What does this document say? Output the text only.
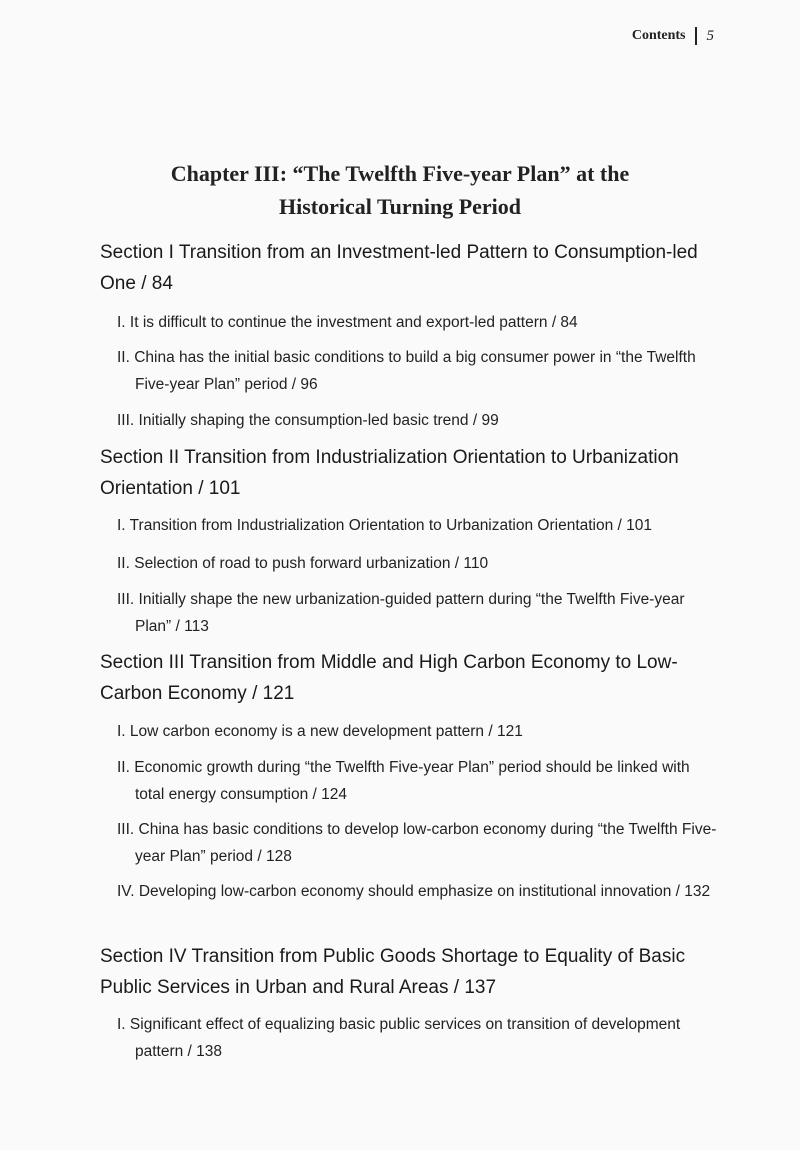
Contents 5
Chapter III: “The Twelfth Five-year Plan” at the
Historical Turning Period
Section I Transition from an Investment-led Pattern to Consumption-led One / 84
I. It is difficult to continue the investment and export-led pattern / 84
II. China has the initial basic conditions to build a big consumer power in “the Twelfth Five-year Plan” period / 96
III. Initially shaping the consumption-led basic trend / 99
Section II Transition from Industrialization Orientation to Urbanization Orientation / 101
I. Transition from Industrialization Orientation to Urbanization Orientation / 101
II. Selection of road to push forward urbanization / 110
III. Initially shape the new urbanization-guided pattern during “the Twelfth Five-year Plan” / 113
Section III Transition from Middle and High Carbon Economy to Low-Carbon Economy / 121
I. Low carbon economy is a new development pattern / 121
II. Economic growth during “the Twelfth Five-year Plan” period should be linked with total energy consumption / 124
III. China has basic conditions to develop low-carbon economy during “the Twelfth Five-year Plan” period / 128
IV. Developing low-carbon economy should emphasize on institutional innovation / 132
Section IV Transition from Public Goods Shortage to Equality of Basic Public Services in Urban and Rural Areas / 137
I. Significant effect of equalizing basic public services on transition of development pattern / 138
